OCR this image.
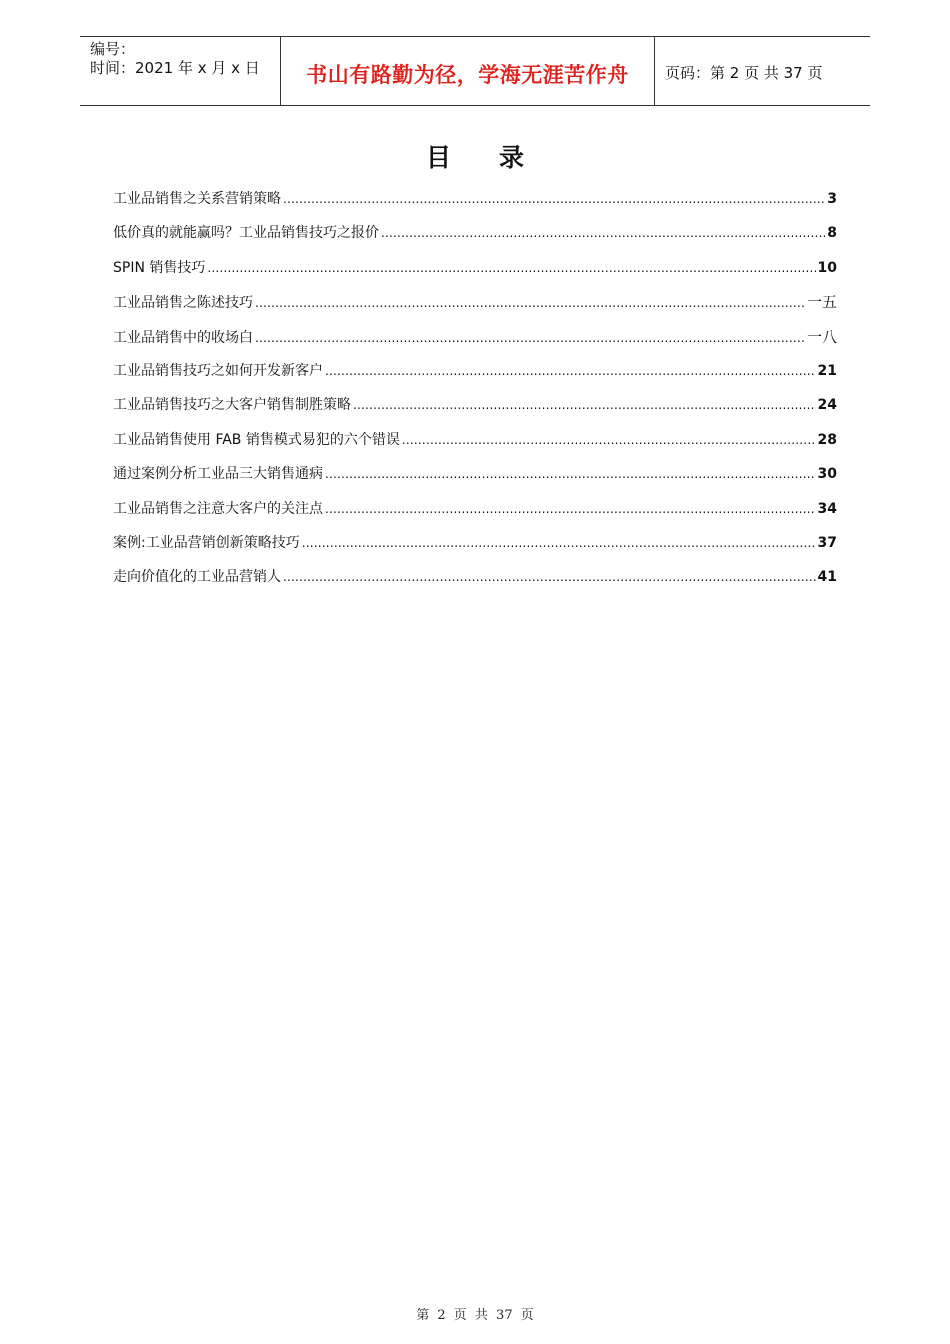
编号：
时间：2021 年 x 月 x 日 书山有路勤为径，学海无涯苦作舟 页码：第 2 页 共 37 页
目录
工业品销售之关系营销策略 .....	3
低价真的就能赢吗？工业品销售技巧之报价 .....	8
SPIN 销售技巧 .....	10
工业品销售之陈述技巧 .....	一五
工业品销售中的收场白 .....	一八
工业品销售技巧之如何开发新客户 .....	21
工业品销售技巧之大客户销售制胜策略 .....	24
工业品销售使用 FAB 销售模式易犯的六个错误 .....	28
通过案例分析工业品三大销售通病 .....	30
工业品销售之注意大客户的关注点 .....	34
案例:工业品营销创新策略技巧 .....	37
走向价值化的工业品营销人 .....	41
第 2 页 共 37 页
